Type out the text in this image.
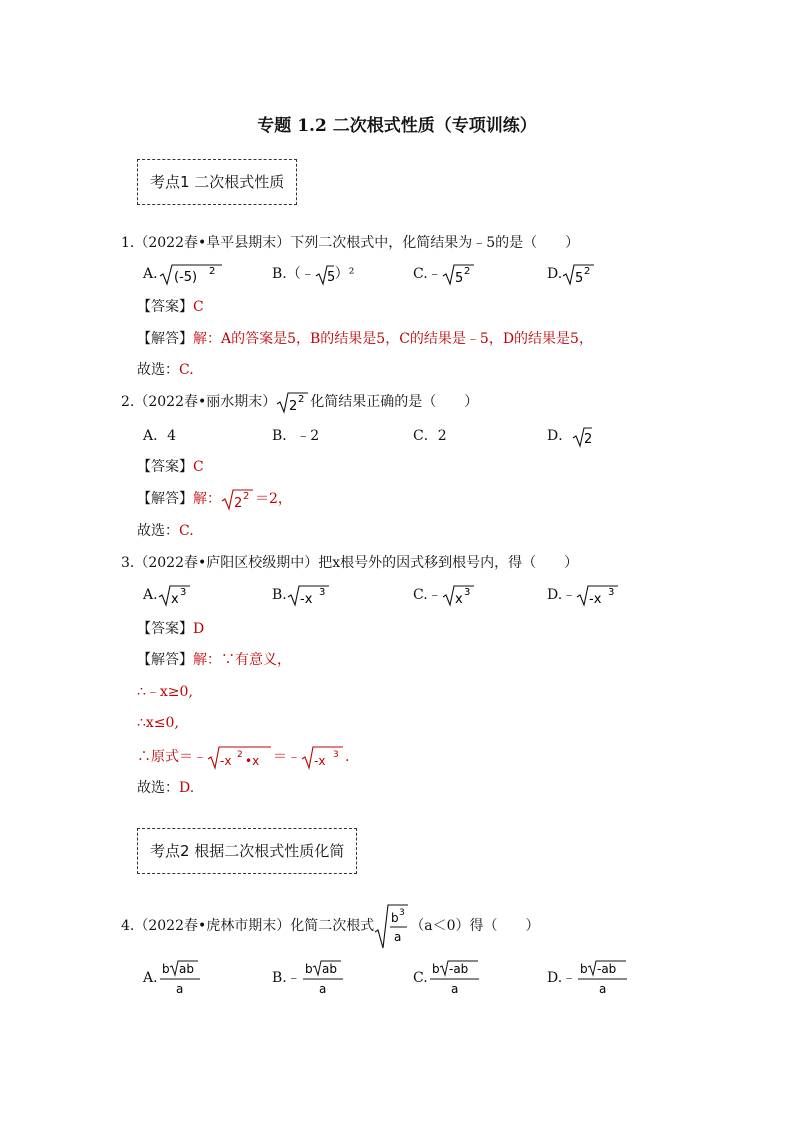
专题 1.2 二次根式性质（专项训练）
考点1 二次根式性质
1.（2022春•阜平县期末）下列二次根式中，化简结果为﹣5的是（　　）
A. (-5) 2	B.（﹣ 5 ）²	C.﹣ 5 2	D. 5 2
【答案】C
【解答】解：A的答案是5，B的结果是5，C的结果是﹣5，D的结果是5，
故选：C.
2.（2022春•丽水期末） 2 2 化简结果正确的是（　　）
A．4	B．﹣2	C．2	D． 2
【答案】C
【解答】 解： 2 2 ＝2，
故选：C.
3.（2022春•庐阳区校级期中）把x根号外的因式移到根号内，得（　　）
A. x 3	B. -x 3	C.﹣ x 3	D.﹣ -x 3
【答案】D
【解答】解：∵有意义，
∴﹣x≥0,
∴x≤0,
∴原式＝﹣ -x 2 •x ＝﹣ -x 3 .
故选：D.
考点2 根据二次根式性质化简
4.（2022春•虎林市期末）化简二次根式 b 3
a
（a＜0）得（　　）
A.
b ab
a
B.﹣
b ab
a
C.
b -ab
a
D.﹣
b -ab
a
